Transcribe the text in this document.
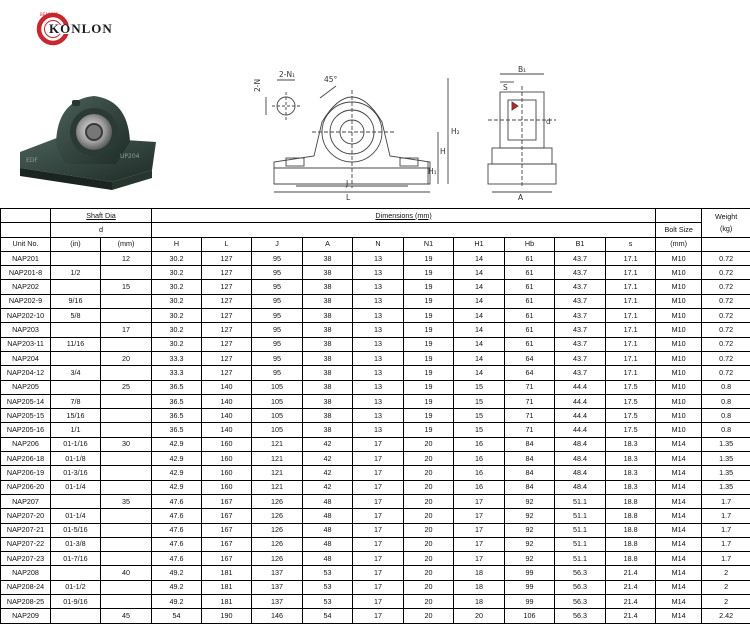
BEARING
KONLON
EDF
UP204
2-N
2-N₁
45°
J
L
H₁
H
H₂
B₁
S
A
d
	Shaft Dia		Dimensions (mm)											Weight
(kg)
	d												Bolt Size	
Unit No.	(in)	(mm)	H	L	J	A	N	N1	H1	Hb	B1	s	(mm)	
NAP201		12	30.2	127	95	38	13	19	14	61	43.7	17.1	M10	0.72
NAP201-8	1/2		30.2	127	95	38	13	19	14	61	43.7	17.1	M10	0.72
NAP202		15	30.2	127	95	38	13	19	14	61	43.7	17.1	M10	0.72
NAP202-9	9/16		30.2	127	95	38	13	19	14	61	43.7	17.1	M10	0.72
NAP202-10	5/8		30.2	127	95	38	13	19	14	61	43.7	17.1	M10	0.72
NAP203		17	30.2	127	95	38	13	19	14	61	43.7	17.1	M10	0.72
NAP203-11	11/16		30.2	127	95	38	13	19	14	61	43.7	17.1	M10	0.72
NAP204		20	33.3	127	95	38	13	19	14	64	43.7	17.1	M10	0.72
NAP204-12	3/4		33.3	127	95	38	13	19	14	64	43.7	17.1	M10	0.72
NAP205		25	36.5	140	105	38	13	19	15	71	44.4	17.5	M10	0.8
NAP205-14	7/8		36.5	140	105	38	13	19	15	71	44.4	17.5	M10	0.8
NAP205-15	15/16		36.5	140	105	38	13	19	15	71	44.4	17.5	M10	0.8
NAP205-16	1/1		36.5	140	105	38	13	19	15	71	44.4	17.5	M10	0.8
NAP206	01-1/16	30	42.9	160	121	42	17	20	16	84	48.4	18.3	M14	1.35
NAP206-18	01-1/8		42.9	160	121	42	17	20	16	84	48.4	18.3	M14	1.35
NAP206-19	01-3/16		42.9	160	121	42	17	20	16	84	48.4	18.3	M14	1.35
NAP206-20	01-1/4		42.9	160	121	42	17	20	16	84	48.4	18.3	M14	1.35
NAP207		35	47.6	167	126	48	17	20	17	92	51.1	18.8	M14	1.7
NAP207-20	01-1/4		47.6	167	126	48	17	20	17	92	51.1	18.8	M14	1.7
NAP207-21	01-5/16		47.6	167	126	48	17	20	17	92	51.1	18.8	M14	1.7
NAP207-22	01-3/8		47.6	167	126	48	17	20	17	92	51.1	18.8	M14	1.7
NAP207-23	01-7/16		47.6	167	126	48	17	20	17	92	51.1	18.8	M14	1.7
NAP208		40	49.2	181	137	53	17	20	18	99	56.3	21.4	M14	2
NAP208-24	01-1/2		49.2	181	137	53	17	20	18	99	56.3	21.4	M14	2
NAP208-25	01-9/16		49.2	181	137	53	17	20	18	99	56.3	21.4	M14	2
NAP209		45	54	190	146	54	17	20	20	106	56.3	21.4	M14	2.42
